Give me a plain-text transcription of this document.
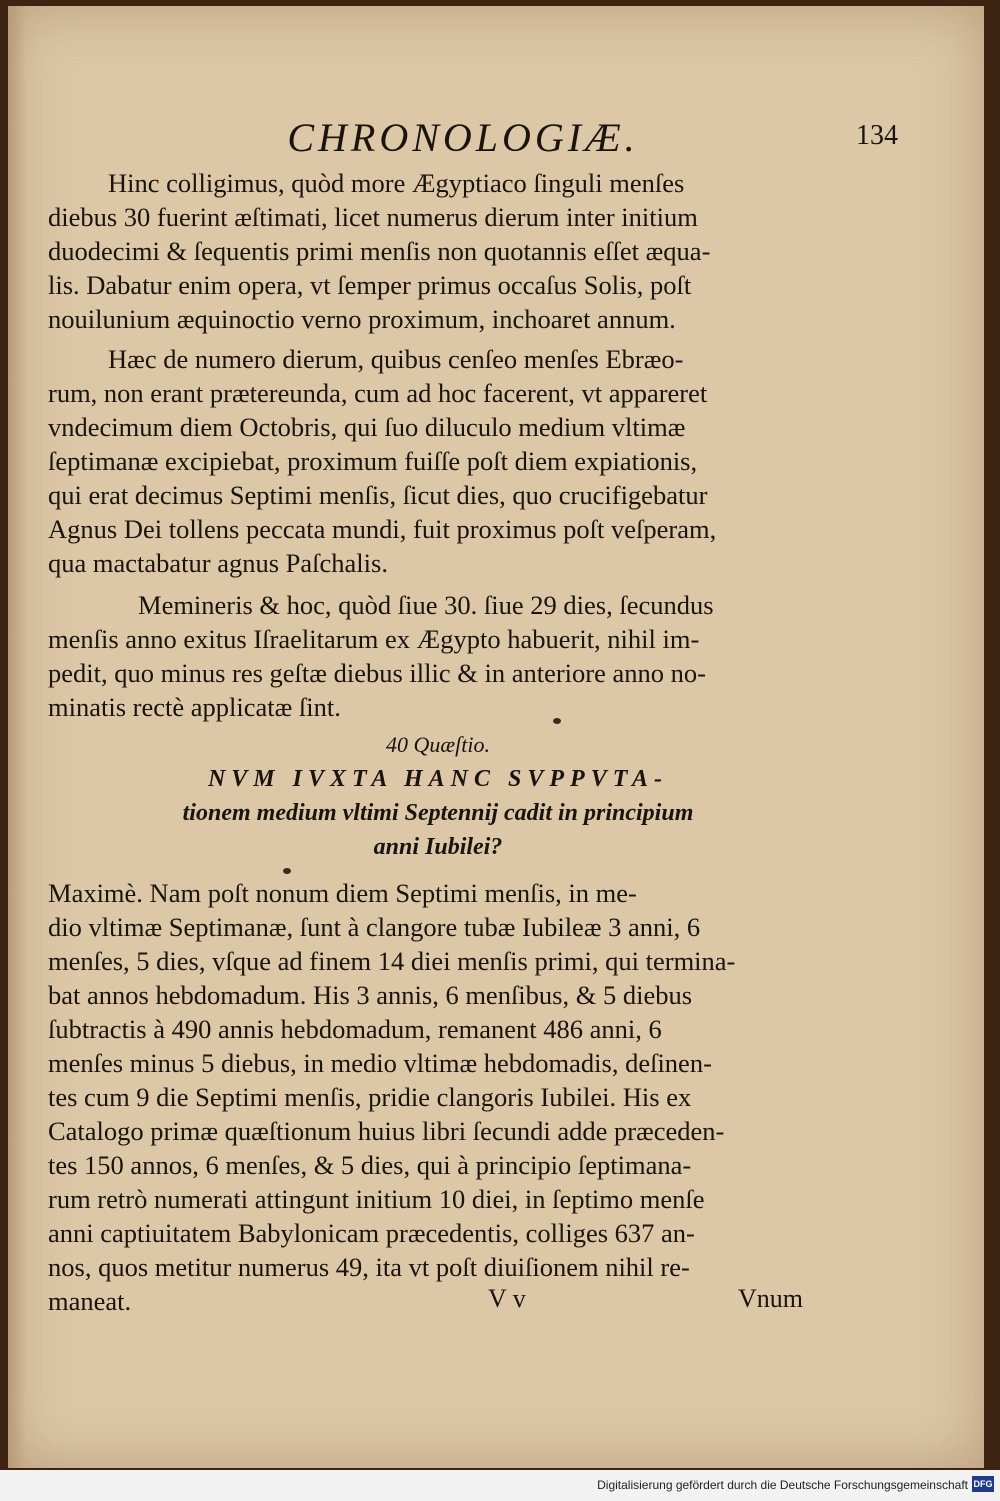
CHRONOLOGIÆ.	134
Hinc colligimus, quòd more Ægyptiaco ſinguli menſes
diebus 30 fuerint æſtimati, licet numerus dierum inter initium
duodecimi & ſequentis primi menſis non quotannis eſſet æqua-
lis. Dabatur enim opera, vt ſemper primus occaſus Solis, poſt
nouilunium æquinoctio verno proximum, inchoaret annum.
Hæc de numero dierum, quibus cenſeo menſes Ebræo-
rum, non erant prætereunda, cum ad hoc facerent, vt appareret
vndecimum diem Octobris, qui ſuo diluculo medium vltimæ
ſeptimanæ excipiebat, proximum fuiſſe poſt diem expiationis,
qui erat decimus Septimi menſis, ſicut dies, quo crucifigebatur
Agnus Dei tollens peccata mundi, fuit proximus poſt veſperam,
qua mactabatur agnus Paſchalis.
Memineris & hoc, quòd ſiue 30. ſiue 29 dies, ſecundus
menſis anno exitus Iſraelitarum ex Ægypto habuerit, nihil im-
pedit, quo minus res geſtæ diebus illic & in anteriore anno no-
minatis rectè applicatæ ſint.
40 Quæſtio.
NVM IVXTA HANC SVPPVTA-
tionem medium vltimi Septennij cadit in principium
anni Iubilei?
Maximè. Nam poſt nonum diem Septimi menſis, in me-
dio vltimæ Septimanæ, ſunt à clangore tubæ Iubileæ 3 anni, 6
menſes, 5 dies, vſque ad finem 14 diei menſis primi, qui termina-
bat annos hebdomadum. His 3 annis, 6 menſibus, & 5 diebus
ſubtractis à 490 annis hebdomadum, remanent 486 anni, 6
menſes minus 5 diebus, in medio vltimæ hebdomadis, deſinen-
tes cum 9 die Septimi menſis, pridie clangoris Iubilei. His ex
Catalogo primæ quæſtionum huius libri ſecundi adde præceden-
tes 150 annos, 6 menſes, & 5 dies, qui à principio ſeptimana-
rum retrò numerati attingunt initium 10 diei, in ſeptimo menſe
anni captiuitatem Babylonicam præcedentis, colliges 637 an-
nos, quos metitur numerus 49, ita vt poſt diuiſionem nihil re-
maneat.	V v	Vnum
Digitalisierung gefördert durch die Deutsche Forschungsgemeinschaft DFG
